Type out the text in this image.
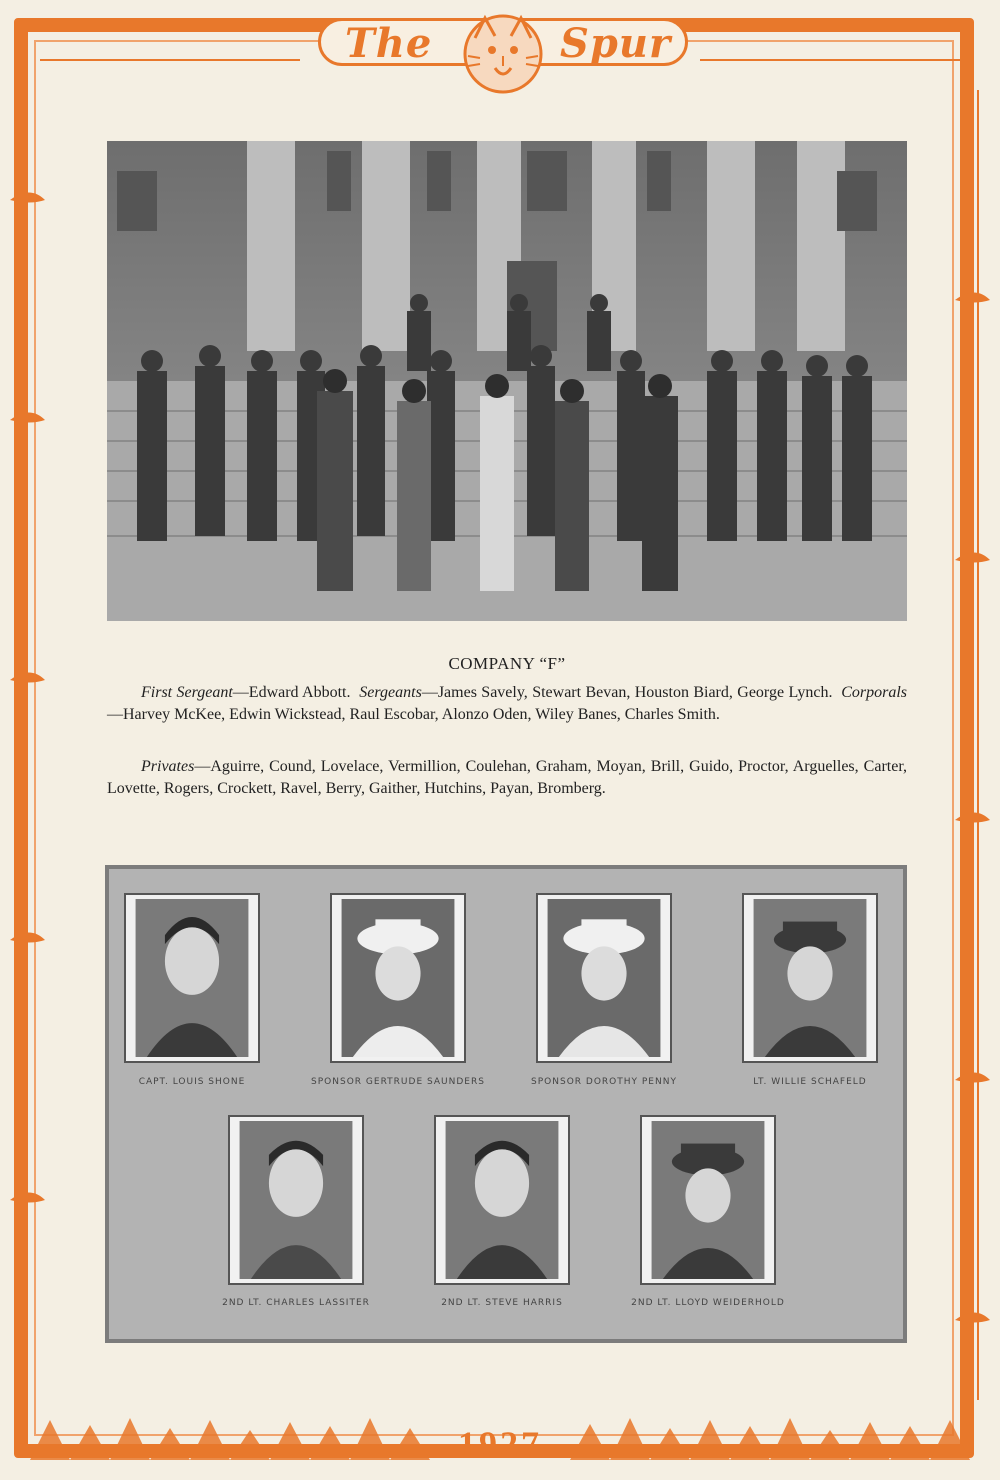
The	Spur
COMPANY “F”
First Sergeant—Edward Abbott. Sergeants—James Savely, Stewart Bevan, Houston Biard, George Lynch. Corporals—Harvey McKee, Edwin Wickstead, Raul Escobar, Alonzo Oden, Wiley Banes, Charles Smith.
Privates—Aguirre, Cound, Lovelace, Vermillion, Coulehan, Graham, Moyan, Brill, Guido, Proctor, Arguelles, Carter, Lovette, Rogers, Crockett, Ravel, Berry, Gaither, Hutchins, Payan, Bromberg.
CAPT. LOUIS SHONE	SPONSOR GERTRUDE SAUNDERS	SPONSOR DOROTHY PENNY	LT. WILLIE SCHAFELD
2ND LT. CHARLES LASSITER	2ND LT. STEVE HARRIS	2ND LT. LLOYD WEIDERHOLD
1927
